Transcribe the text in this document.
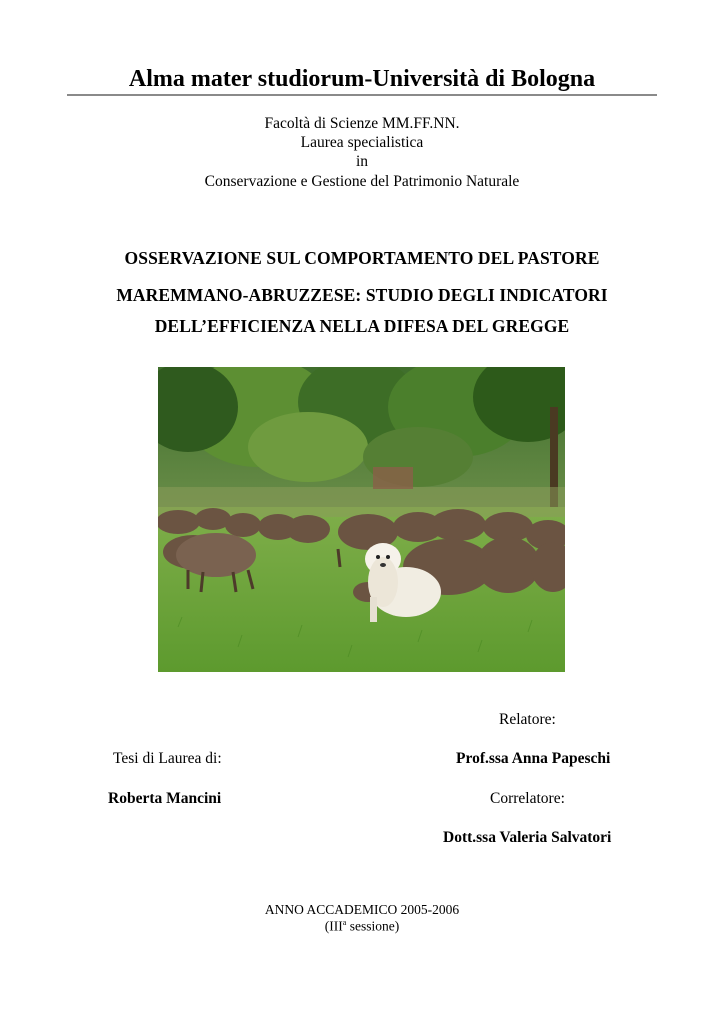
Alma mater studiorum-Università di Bologna
Facoltà di Scienze MM.FF.NN.
Laurea specialistica
in
Conservazione e Gestione del Patrimonio Naturale
OSSERVAZIONE SUL COMPORTAMENTO DEL PASTORE
MAREMMANO-ABRUZZESE: STUDIO DEGLI INDICATORI
DELL’EFFICIENZA NELLA DIFESA DEL GREGGE
Relatore:
Tesi di Laurea di:	Prof.ssa Anna Papeschi
Roberta Mancini	Correlatore:
Dott.ssa Valeria Salvatori
ANNO ACCADEMICO 2005-2006
(III$^a$ sessione)
